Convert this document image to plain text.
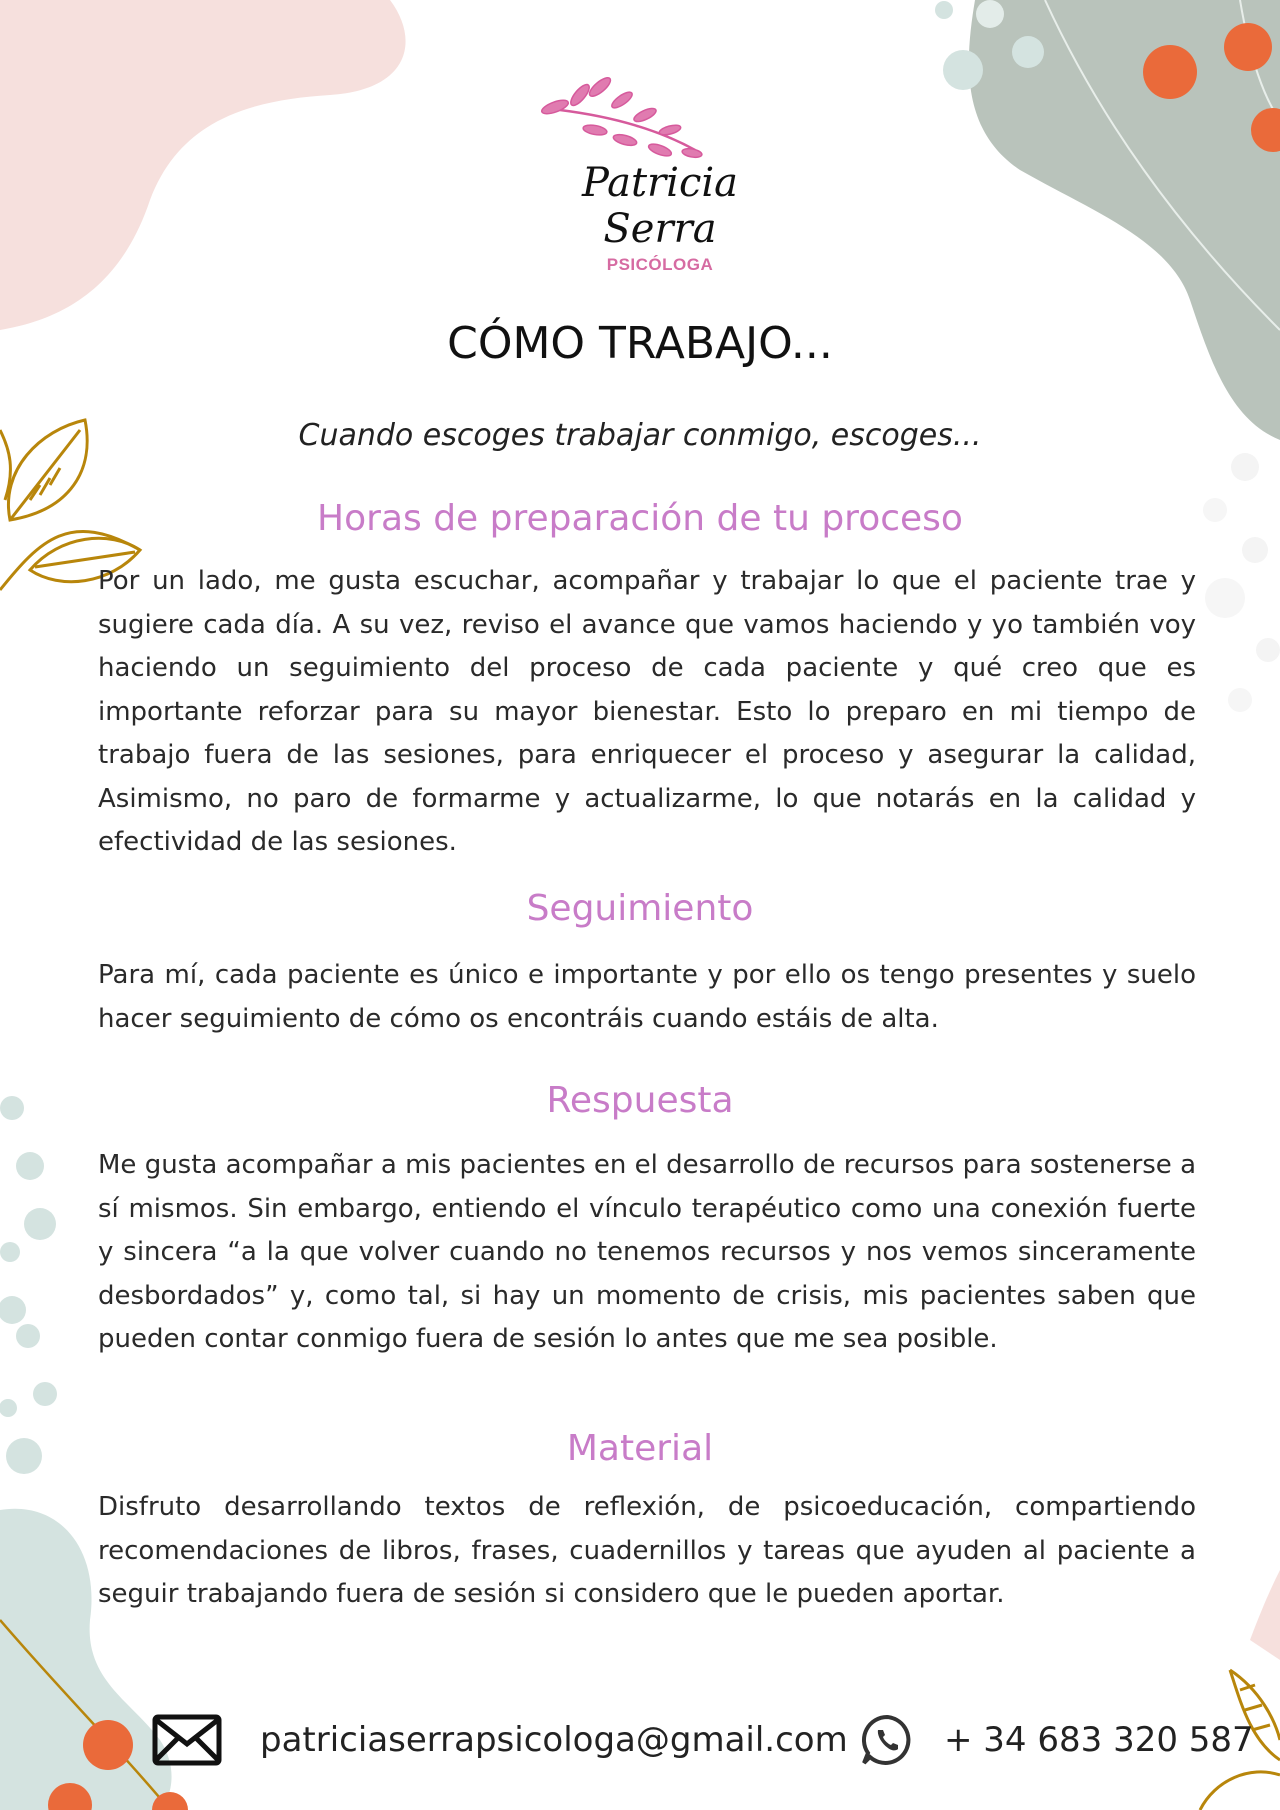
Patricia Serra
PSICÓLOGA
CÓMO TRABAJO...
Cuando escoges trabajar conmigo, escoges...
Horas de preparación de tu proceso

Por un lado, me gusta escuchar, acompañar y trabajar lo que el paciente trae y sugiere cada día. A su vez, reviso el avance que vamos haciendo y yo también voy haciendo un seguimiento del proceso de cada paciente y qué creo que es importante reforzar para su mayor bienestar. Esto lo preparo en mi tiempo de trabajo fuera de las sesiones, para enriquecer el proceso y asegurar la calidad, Asimismo, no paro de formarme y actualizarme, lo que notarás en la calidad y efectividad de las sesiones.

Seguimiento

Para mí, cada paciente es único e importante y por ello os tengo presentes y suelo hacer seguimiento de cómo os encontráis cuando estáis de alta.

Respuesta

Me gusta acompañar a mis pacientes en el desarrollo de recursos para sostenerse a sí mismos. Sin embargo, entiendo el vínculo terapéutico como una conexión fuerte y sincera “a la que volver cuando no tenemos recursos y nos vemos sinceramente desbordados” y, como tal, si hay un momento de crisis, mis pacientes saben que pueden contar conmigo fuera de sesión lo antes que me sea posible.

Material

Disfruto desarrollando textos de reflexión, de psicoeducación, compartiendo recomendaciones de libros, frases, cuadernillos y tareas que ayuden al paciente a seguir trabajando fuera de sesión si considero que le pueden aportar.

patriciaserrapsicologa@gmail.com	+ 34 683 320 587
